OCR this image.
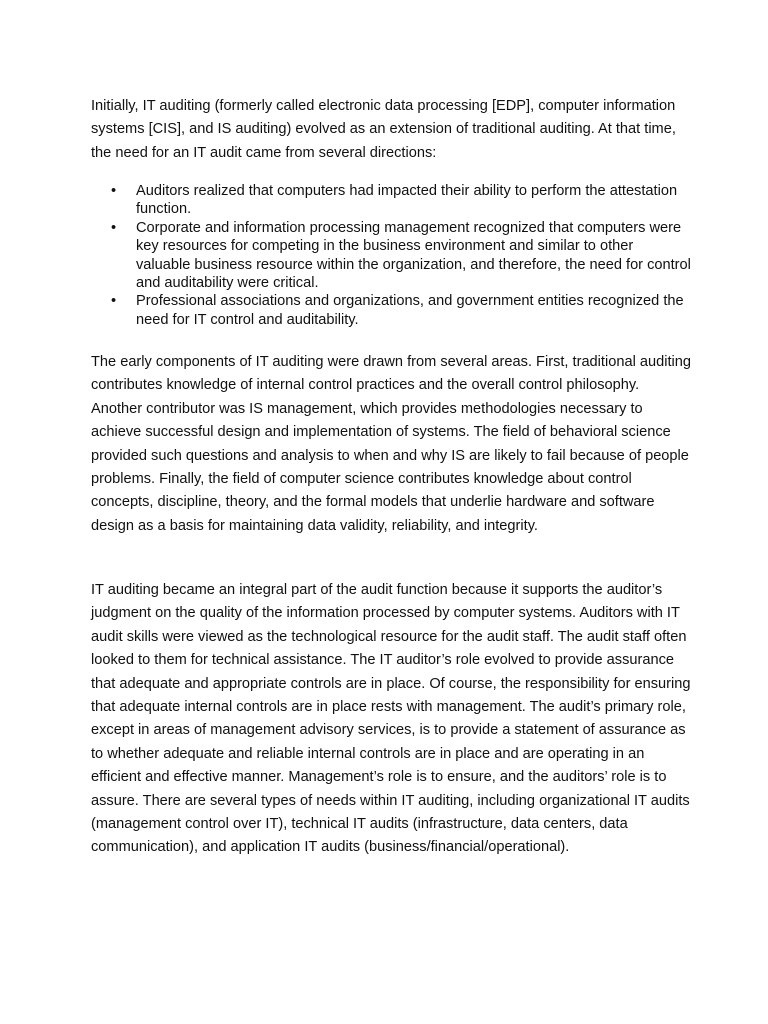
Initially, IT auditing (formerly called electronic data processing [EDP], computer information systems [CIS], and IS auditing) evolved as an extension of traditional auditing. At that time, the need for an IT audit came from several directions:

•	Auditors realized that computers had impacted their ability to perform the attestation function.
•	Corporate and information processing management recognized that computers were key resources for competing in the business environment and similar to other valuable business resource within the organization, and therefore, the need for control and auditability were critical.
•	Professional associations and organizations, and government entities recognized the need for IT control and auditability.

The early components of IT auditing were drawn from several areas. First, traditional auditing contributes knowledge of internal control practices and the overall control philosophy. Another contributor was IS management, which provides methodologies necessary to achieve successful design and implementation of systems. The field of behavioral science provided such questions and analysis to when and why IS are likely to fail because of people problems. Finally, the field of computer science contributes knowledge about control concepts, discipline, theory, and the formal models that underlie hardware and software design as a basis for maintaining data validity, reliability, and integrity.

IT auditing became an integral part of the audit function because it supports the auditor’s judgment on the quality of the information processed by computer systems. Auditors with IT audit skills were viewed as the technological resource for the audit staff. The audit staff often looked to them for technical assistance. The IT auditor’s role evolved to provide assurance that adequate and appropriate controls are in place. Of course, the responsibility for ensuring that adequate internal controls are in place rests with management. The audit’s primary role, except in areas of management advisory services, is to provide a statement of assurance as to whether adequate and reliable internal controls are in place and are operating in an efficient and effective manner. Management’s role is to ensure, and the auditors’ role is to assure. There are several types of needs within IT auditing, including organizational IT audits (management control over IT), technical IT audits (infrastructure, data centers, data communication), and application IT audits (business/financial/operational).
